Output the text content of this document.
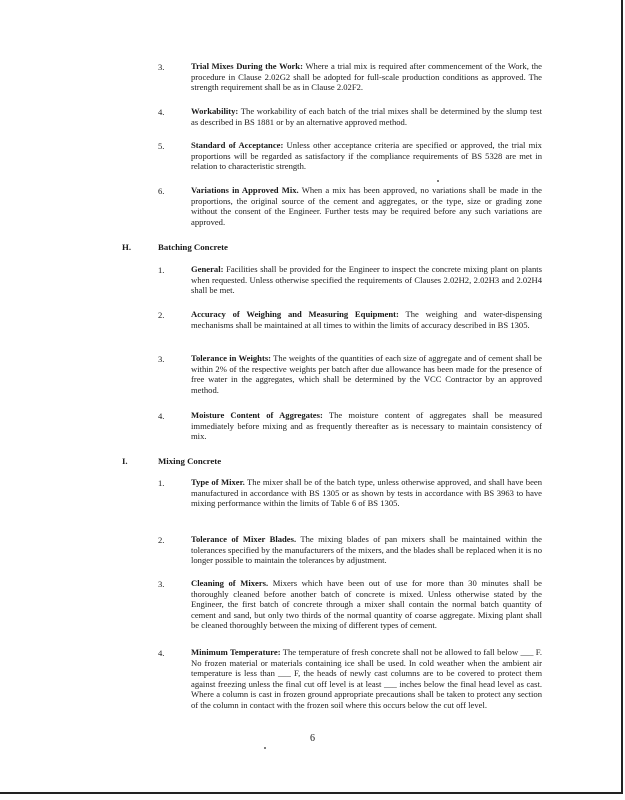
3.	Trial Mixes During the Work: Where a trial mix is required after commencement of the Work, the procedure in Clause 2.02G2 shall be adopted for full-scale production conditions as approved. The strength requirement shall be as in Clause 2.02F2.

4.	Workability: The workability of each batch of the trial mixes shall be determined by the slump test as described in BS 1881 or by an alternative approved method.

5.	Standard of Acceptance: Unless other acceptance criteria are specified or approved, the trial mix proportions will be regarded as satisfactory if the compliance requirements of BS 5328 are met in relation to characteristic strength.

6.	Variations in Approved Mix. When a mix has been approved, no variations shall be made in the proportions, the original source of the cement and aggregates, or the type, size or grading zone without the consent of the Engineer. Further tests may be required before any such variations are approved.

H.	Batching Concrete
1.	General: Facilities shall be provided for the Engineer to inspect the concrete mixing plant on plants when requested. Unless otherwise specified the requirements of Clauses 2.02H2, 2.02H3 and 2.02H4 shall be met.

2.	Accuracy of Weighing and Measuring Equipment: The weighing and water-dispensing mechanisms shall be maintained at all times to within the limits of accuracy described in BS 1305.

3.	Tolerance in Weights: The weights of the quantities of each size of aggregate and of cement shall be within 2% of the respective weights per batch after due allowance has been made for the presence of free water in the aggregates, which shall be determined by the VCC Contractor by an approved method.

4.	Moisture Content of Aggregates: The moisture content of aggregates shall be measured immediately before mixing and as frequently thereafter as is necessary to maintain consistency of mix.

I.	Mixing Concrete
1.	Type of Mixer. The mixer shall be of the batch type, unless otherwise approved, and shall have been manufactured in accordance with BS 1305 or as shown by tests in accordance with BS 3963 to have mixing performance within the limits of Table 6 of BS 1305.

2.	Tolerance of Mixer Blades. The mixing blades of pan mixers shall be maintained within the tolerances specified by the manufacturers of the mixers, and the blades shall be replaced when it is no longer possible to maintain the tolerances by adjustment.

3.	Cleaning of Mixers. Mixers which have been out of use for more than 30 minutes shall be thoroughly cleaned before another batch of concrete is mixed. Unless otherwise stated by the Engineer, the first batch of concrete through a mixer shall contain the normal batch quantity of cement and sand, but only two thirds of the normal quantity of coarse aggregate. Mixing plant shall be cleaned thoroughly between the mixing of different types of cement.

4.	Minimum Temperature: The temperature of fresh concrete shall not be allowed to fall below ___ F. No frozen material or materials containing ice shall be used. In cold weather when the ambient air temperature is less than ___ F, the heads of newly cast columns are to be covered to protect them against freezing unless the final cut off level is at least ___ inches below the final head level as cast. Where a column is cast in frozen ground appropriate precautions shall be taken to protect any section of the column in contact with the frozen soil where this occurs below the cut off level.

6
